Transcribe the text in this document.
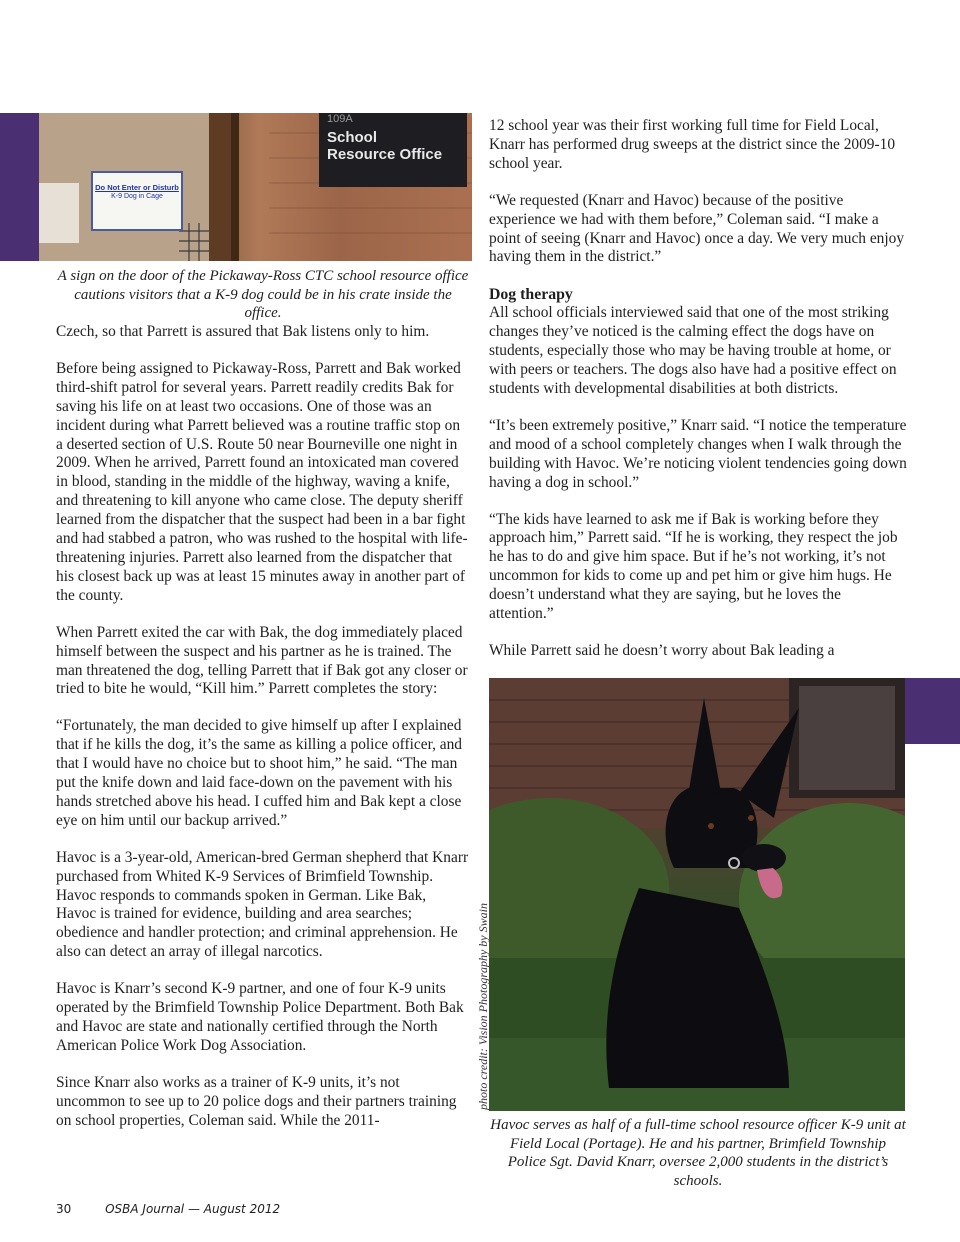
109A
School Resource Office
Do Not Enter or Disturb
K-9 Dog in Cage
A sign on the door of the Pickaway-Ross CTC school resource office cautions visitors that a K-9 dog could be in his crate inside the office.

Czech, so that Parrett is assured that Bak listens only to him.

Before being assigned to Pickaway-Ross, Parrett and Bak worked third-shift patrol for several years. Parrett readily credits Bak for saving his life on at least two occasions. One of those was an incident during what Parrett believed was a routine traffic stop on a deserted section of U.S. Route 50 near Bourneville one night in 2009. When he arrived, Parrett found an intoxicated man covered in blood, standing in the middle of the highway, waving a knife, and threatening to kill anyone who came close. The deputy sheriff learned from the dispatcher that the suspect had been in a bar fight and had stabbed a patron, who was rushed to the hospital with life-threatening injuries. Parrett also learned from the dispatcher that his closest back up was at least 15 minutes away in another part of the county.

When Parrett exited the car with Bak, the dog immediately placed himself between the suspect and his partner as he is trained. The man threatened the dog, telling Parrett that if Bak got any closer or tried to bite he would, “Kill him.” Parrett completes the story:

“Fortunately, the man decided to give himself up after I explained that if he kills the dog, it’s the same as killing a police officer, and that I would have no choice but to shoot him,” he said. “The man put the knife down and laid face-down on the pavement with his hands stretched above his head. I cuffed him and Bak kept a close eye on him until our backup arrived.”

Havoc is a 3-year-old, American-bred German shepherd that Knarr purchased from Whited K-9 Services of Brimfield Township. Havoc responds to commands spoken in German. Like Bak, Havoc is trained for evidence, building and area searches; obedience and handler protection; and criminal apprehension. He also can detect an array of illegal narcotics.

Havoc is Knarr’s second K-9 partner, and one of four K-9 units operated by the Brimfield Township Police Department. Both Bak and Havoc are state and nationally certified through the North American Police Work Dog Association.

Since Knarr also works as a trainer of K-9 units, it’s not uncommon to see up to 20 police dogs and their partners training on school properties, Coleman said. While the 2011-

12 school year was their first working full time for Field Local, Knarr has performed drug sweeps at the district since the 2009-10 school year.

“We requested (Knarr and Havoc) because of the positive experience we had with them before,” Coleman said. “I make a point of seeing (Knarr and Havoc) once a day. We very much enjoy having them in the district.”

Dog therapy

All school officials interviewed said that one of the most striking changes they’ve noticed is the calming effect the dogs have on students, especially those who may be having trouble at home, or with peers or teachers. The dogs also have had a positive effect on students with developmental disabilities at both districts.

“It’s been extremely positive,” Knarr said. “I notice the temperature and mood of a school completely changes when I walk through the building with Havoc. We’re noticing violent tendencies going down having a dog in school.”

“The kids have learned to ask me if Bak is working before they approach him,” Parrett said. “If he is working, they respect the job he has to do and give him space. But if he’s not working, it’s not uncommon for kids to come up and pet him or give him hugs. He doesn’t understand what they are saying, but he loves the attention.”

While Parrett said he doesn’t worry about Bak leading a

photo credit: Vision Photography by Swain
Havoc serves as half of a full-time school resource officer K-9 unit at Field Local (Portage). He and his partner, Brimfield Township Police Sgt. David Knarr, oversee 2,000 students in the district’s schools.
30	OSBA Journal — August 2012
